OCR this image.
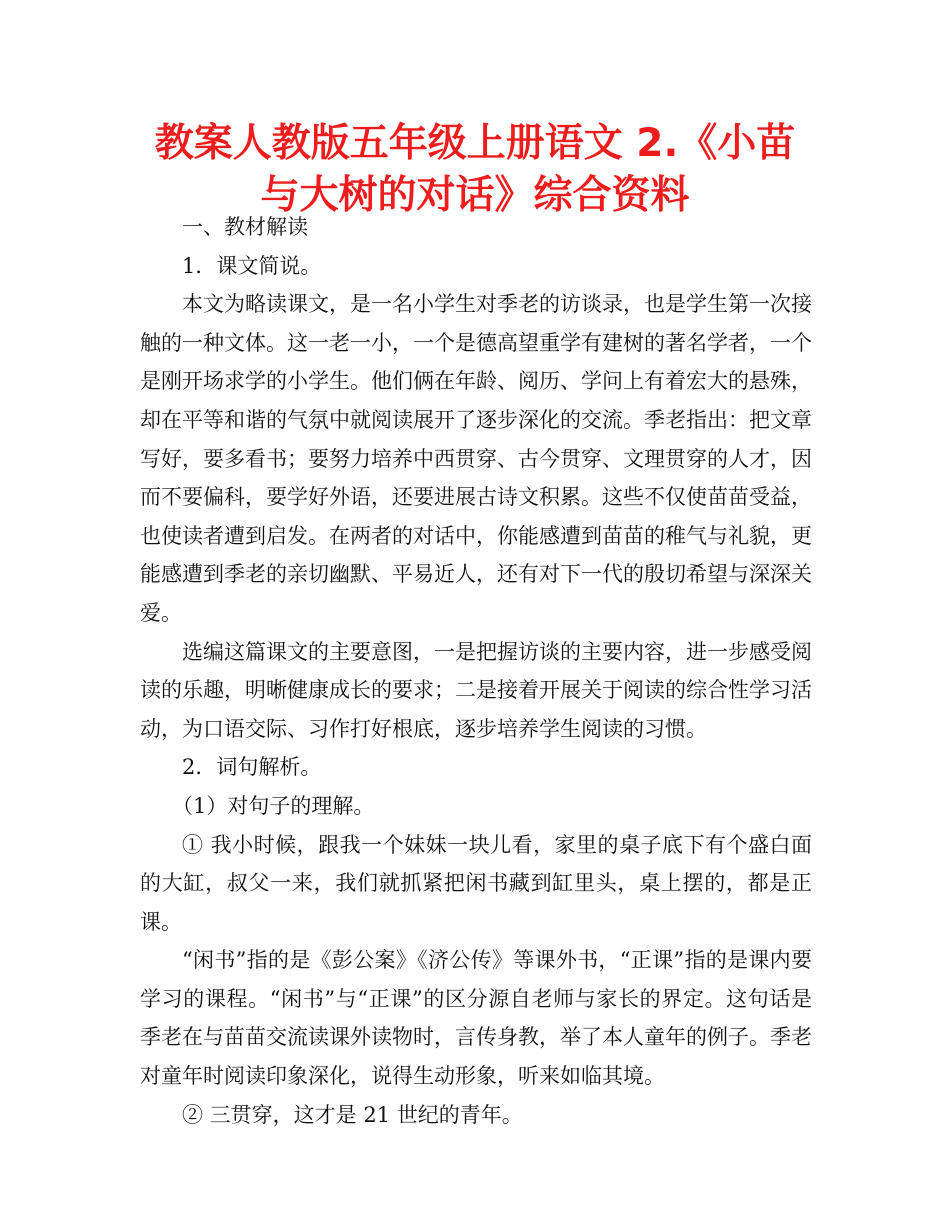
教案人教版五年级上册语文 2.《小苗与大树的对话》综合资料

一、教材解读

1．课文简说。

本文为略读课文，是一名小学生对季老的访谈录，也是学生第一次接触的一种文体。这一老一小，一个是德高望重学有建树的著名学者，一个是刚开场求学的小学生。他们俩在年龄、阅历、学问上有着宏大的悬殊，却在平等和谐的气氛中就阅读展开了逐步深化的交流。季老指出：把文章写好，要多看书；要努力培养中西贯穿、古今贯穿、文理贯穿的人才，因而不要偏科，要学好外语，还要进展古诗文积累。这些不仅使苗苗受益，也使读者遭到启发。在两者的对话中，你能感遭到苗苗的稚气与礼貌，更能感遭到季老的亲切幽默、平易近人，还有对下一代的殷切希望与深深关爱。

选编这篇课文的主要意图，一是把握访谈的主要内容，进一步感受阅读的乐趣，明晰健康成长的要求；二是接着开展关于阅读的综合性学习活动，为口语交际、习作打好根底，逐步培养学生阅读的习惯。

2．词句解析。

（1）对句子的理解。

① 我小时候，跟我一个妹妹一块儿看，家里的桌子底下有个盛白面的大缸，叔父一来，我们就抓紧把闲书藏到缸里头，桌上摆的，都是正课。

“闲书”指的是《彭公案》《济公传》等课外书，“正课”指的是课内要学习的课程。“闲书”与“正课”的区分源自老师与家长的界定。这句话是季老在与苗苗交流读课外读物时，言传身教，举了本人童年的例子。季老对童年时阅读印象深化，说得生动形象，听来如临其境。

② 三贯穿，这才是 21 世纪的青年。
